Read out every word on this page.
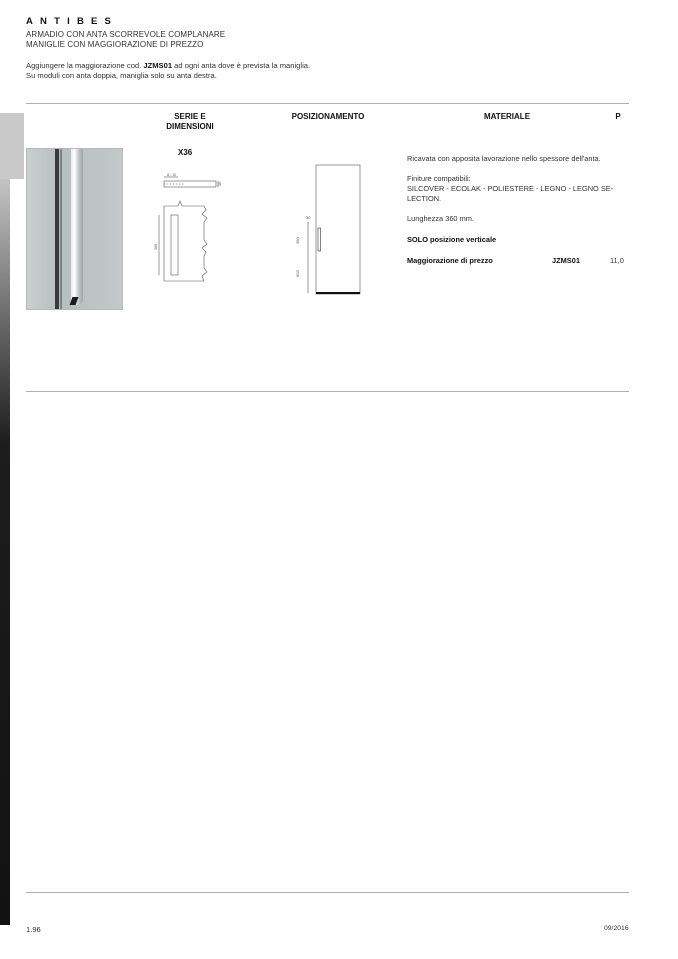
ANTIBES
ARMADIO CON ANTA SCORREVOLE COMPLANARE
MANIGLIE CON MAGGIORAZIONE DI PREZZO
Aggiungere la maggiorazione cod. JZMS01 ad ogni anta dove è prevista la maniglia.
Su moduli con anta doppia, maniglia solo su anta destra.
SERIE E
DIMENSIONI
POSIZIONAMENTO	MATERIALE	P
X36
8 - 10
30
360
30
360
603
Ricavata con apposita lavorazione nello spessore dell'anta.
Finiture compatibili:
SILCOVER - ECOLAK - POLIESTERE - LEGNO - LEGNO SE-
LECTION.
Lunghezza 360 mm.
SOLO posizione verticale
Maggiorazione di prezzo	JZMS01	11,0
1.96	09/2016
